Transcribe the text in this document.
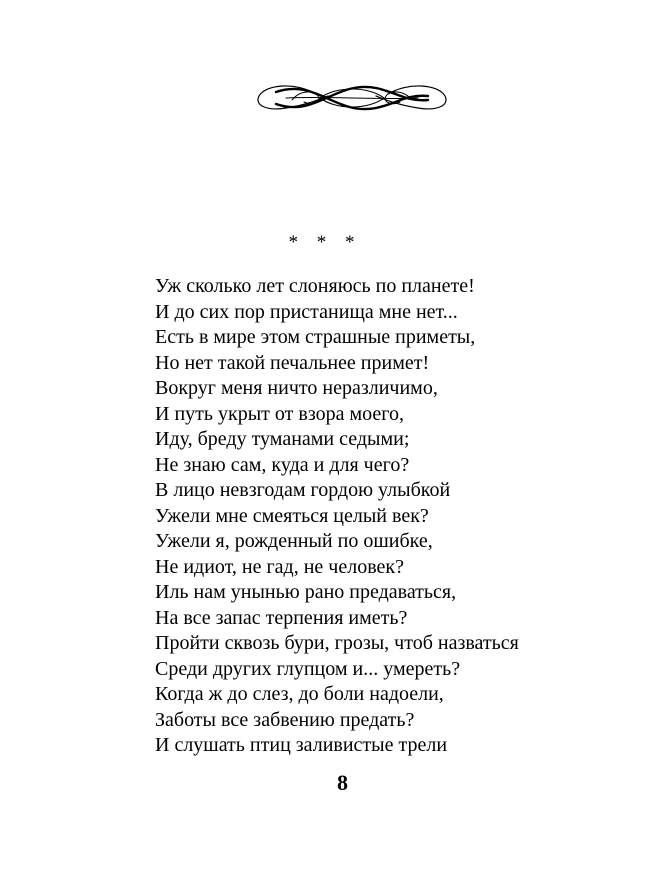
* * *
Уж сколько лет слоняюсь по планете!
И до сих пор пристанища мне нет...
Есть в мире этом страшные приметы,
Но нет такой печальнее примет!
Вокруг меня ничто неразличимо,
И путь укрыт от взора моего,
Иду, бреду туманами седыми;
Не знаю сам, куда и для чего?
В лицо невзгодам гордою улыбкой
Ужели мне смеяться целый век?
Ужели я, рожденный по ошибке,
Не идиот, не гад, не человек?
Иль нам унынью рано предаваться,
На все запас терпения иметь?
Пройти сквозь бури, грозы, чтоб назваться
Среди других глупцом и... умереть?
Когда ж до слез, до боли надоели,
Заботы все забвению предать?
И слушать птиц заливистые трели
8
